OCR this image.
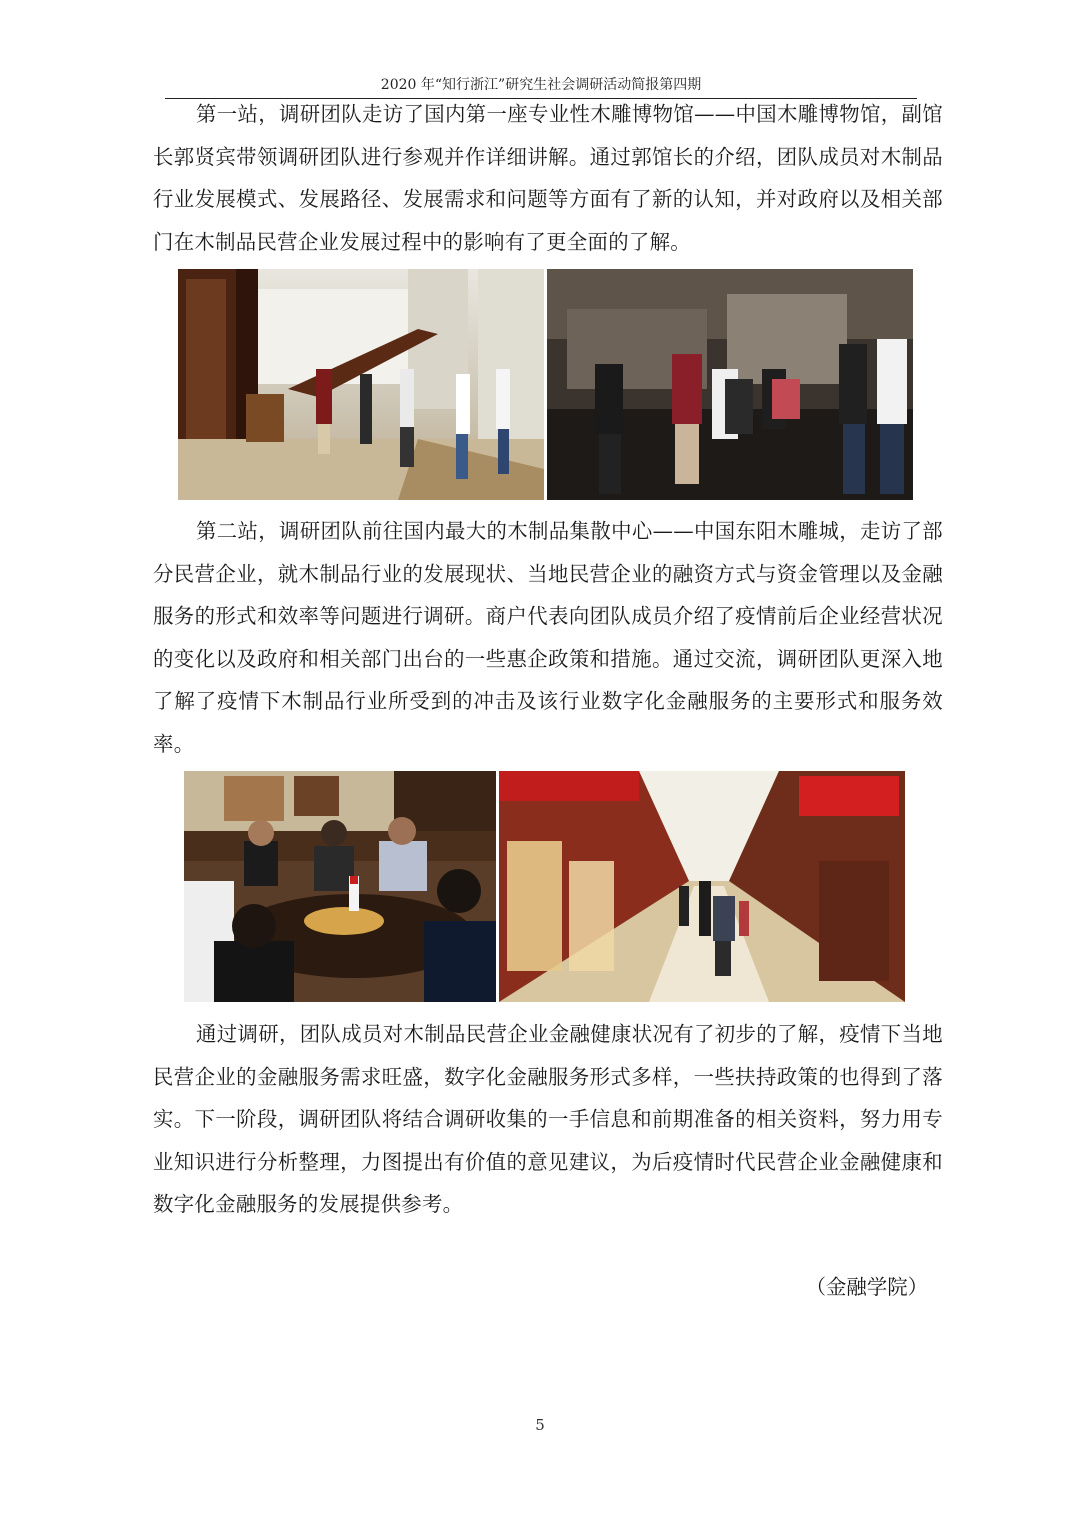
2020 年“知行浙江”研究生社会调研活动简报第四期

第一站，调研团队走访了国内第一座专业性木雕博物馆——中国木雕博物馆，副馆长郭贤宾带领调研团队进行参观并作详细讲解。通过郭馆长的介绍，团队成员对木制品行业发展模式、发展路径、发展需求和问题等方面有了新的认知，并对政府以及相关部门在木制品民营企业发展过程中的影响有了更全面的了解。

第二站，调研团队前往国内最大的木制品集散中心——中国东阳木雕城，走访了部分民营企业，就木制品行业的发展现状、当地民营企业的融资方式与资金管理以及金融服务的形式和效率等问题进行调研。商户代表向团队成员介绍了疫情前后企业经营状况的变化以及政府和相关部门出台的一些惠企政策和措施。通过交流，调研团队更深入地了解了疫情下木制品行业所受到的冲击及该行业数字化金融服务的主要形式和服务效率。

通过调研，团队成员对木制品民营企业金融健康状况有了初步的了解，疫情下当地民营企业的金融服务需求旺盛，数字化金融服务形式多样，一些扶持政策的也得到了落实。下一阶段，调研团队将结合调研收集的一手信息和前期准备的相关资料，努力用专业知识进行分析整理，力图提出有价值的意见建议，为后疫情时代民营企业金融健康和数字化金融服务的发展提供参考。

（金融学院）
5
